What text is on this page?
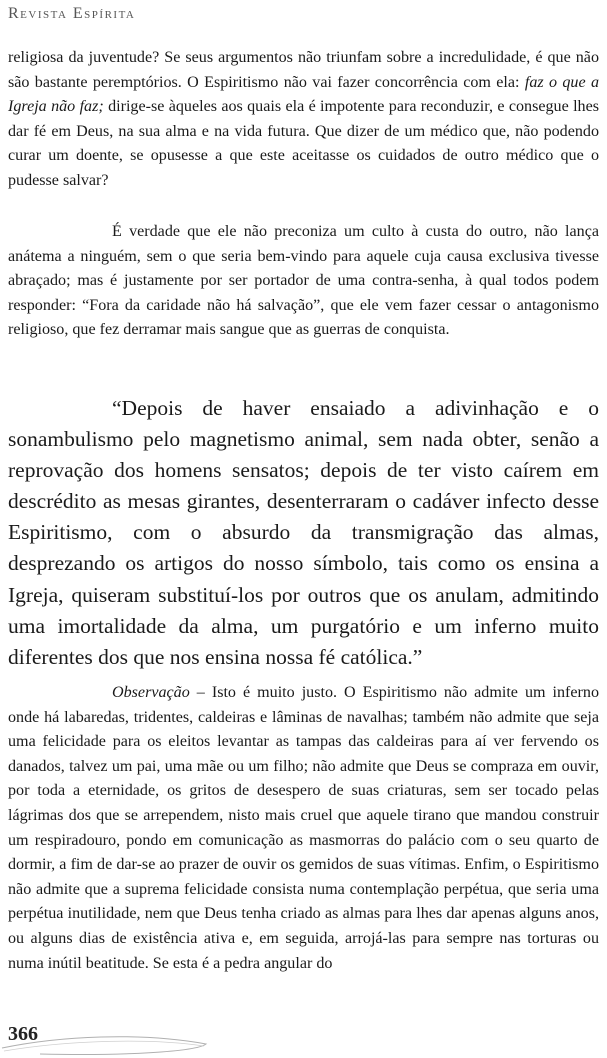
Revista Espírita

religiosa da juventude? Se seus argumentos não triunfam sobre a incredulidade, é que não são bastante peremptórios. O Espiritismo não vai fazer concorrência com ela: faz o que a Igreja não faz; dirige-se àqueles aos quais ela é impotente para reconduzir, e consegue lhes dar fé em Deus, na sua alma e na vida futura. Que dizer de um médico que, não podendo curar um doente, se opusesse a que este aceitasse os cuidados de outro médico que o pudesse salvar?

É verdade que ele não preconiza um culto à custa do outro, não lança anátema a ninguém, sem o que seria bem-vindo para aquele cuja causa exclusiva tivesse abraçado; mas é justamente por ser portador de uma contra-senha, à qual todos podem responder: “Fora da caridade não há salvação”, que ele vem fazer cessar o antagonismo religioso, que fez derramar mais sangue que as guerras de conquista.

“Depois de haver ensaiado a adivinhação e o sonambulismo pelo magnetismo animal, sem nada obter, senão a reprovação dos homens sensatos; depois de ter visto caírem em descrédito as mesas girantes, desenterraram o cadáver infecto desse Espiritismo, com o absurdo da transmigração das almas, desprezando os artigos do nosso símbolo, tais como os ensina a Igreja, quiseram substituí-los por outros que os anulam, admitindo uma imortalidade da alma, um purgatório e um inferno muito diferentes dos que nos ensina nossa fé católica.”

Observação – Isto é muito justo. O Espiritismo não admite um inferno onde há labaredas, tridentes, caldeiras e lâminas de navalhas; também não admite que seja uma felicidade para os eleitos levantar as tampas das caldeiras para aí ver fervendo os danados, talvez um pai, uma mãe ou um filho; não admite que Deus se compraza em ouvir, por toda a eternidade, os gritos de desespero de suas criaturas, sem ser tocado pelas lágrimas dos que se arrependem, nisto mais cruel que aquele tirano que mandou construir um respiradouro, pondo em comunicação as masmorras do palácio com o seu quarto de dormir, a fim de dar-se ao prazer de ouvir os gemidos de suas vítimas. Enfim, o Espiritismo não admite que a suprema felicidade consista numa contemplação perpétua, que seria uma perpétua inutilidade, nem que Deus tenha criado as almas para lhes dar apenas alguns anos, ou alguns dias de existência ativa e, em seguida, arrojá-las para sempre nas torturas ou numa inútil beatitude. Se esta é a pedra angular do

366
